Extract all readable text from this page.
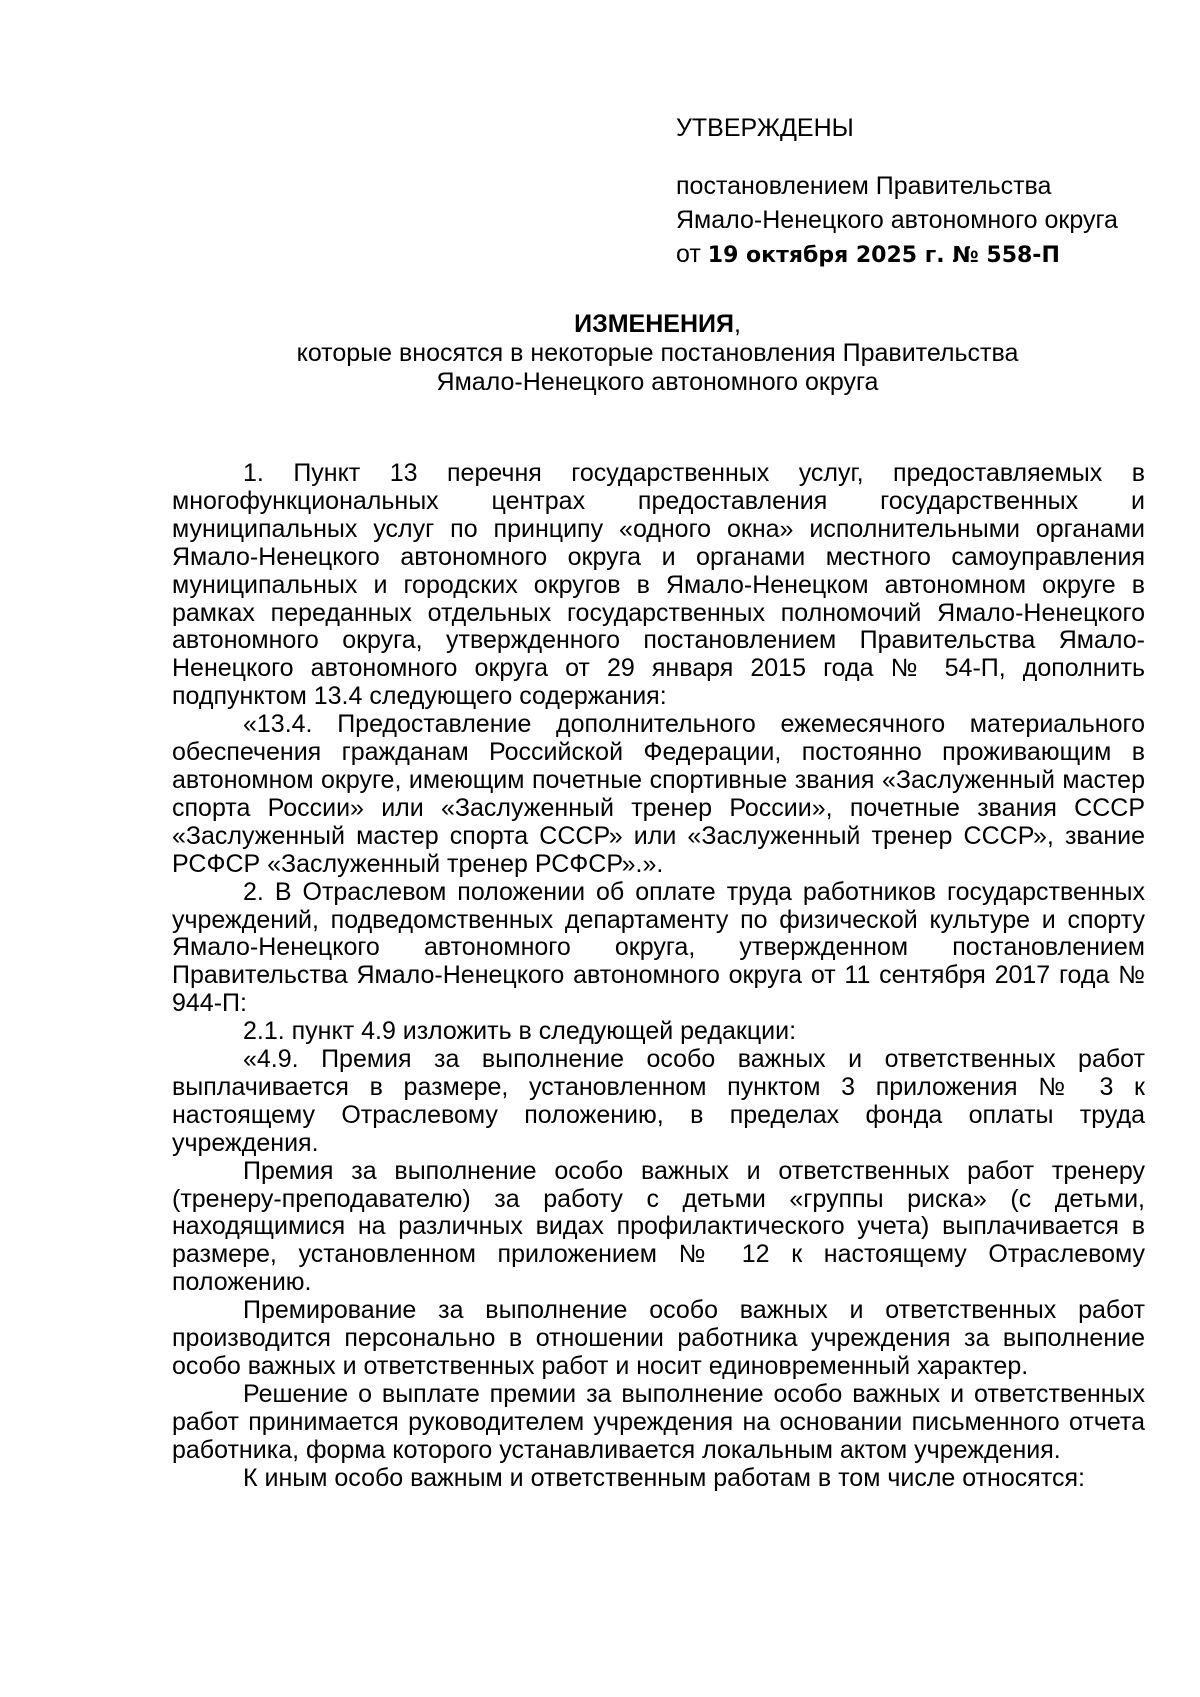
УТВЕРЖДЕНЫ
постановлением Правительства
Ямало-Ненецкого автономного округа
от 19 октября 2025 г. № 558-П
ИЗМЕНЕНИЯ,
которые вносятся в некоторые постановления Правительства
Ямало-Ненецкого автономного округа

1. Пункт 13 перечня государственных услуг, предоставляемых в многофункциональных центрах предоставления государственных и муниципальных услуг по принципу «одного окна» исполнительными органами Ямало-Ненецкого автономного округа и органами местного самоуправления муниципальных и городских округов в Ямало-Ненецком автономном округе в рамках переданных отдельных государственных полномочий Ямало-Ненецкого автономного округа, утвержденного постановлением Правительства Ямало-Ненецкого автономного округа от 29 января 2015 года № 54-П, дополнить подпунктом 13.4 следующего содержания:

«13.4. Предоставление дополнительного ежемесячного материального обеспечения гражданам Российской Федерации, постоянно проживающим в автономном округе, имеющим почетные спортивные звания «Заслуженный мастер спорта России» или «Заслуженный тренер России», почетные звания СССР «Заслуженный мастер спорта СССР» или «Заслуженный тренер СССР», звание РСФСР «Заслуженный тренер РСФСР».».

2. В Отраслевом положении об оплате труда работников государственных учреждений, подведомственных департаменту по физической культуре и спорту Ямало-Ненецкого автономного округа, утвержденном постановлением Правительства Ямало-Ненецкого автономного округа от 11 сентября 2017 года № 944-П:

2.1. пункт 4.9 изложить в следующей редакции:

«4.9. Премия за выполнение особо важных и ответственных работ выплачивается в размере, установленном пунктом 3 приложения № 3 к настоящему Отраслевому положению, в пределах фонда оплаты труда учреждения.

Премия за выполнение особо важных и ответственных работ тренеру (тренеру-преподавателю) за работу с детьми «группы риска» (с детьми, находящимися на различных видах профилактического учета) выплачивается в размере, установленном приложением № 12 к настоящему Отраслевому положению.

Премирование за выполнение особо важных и ответственных работ производится персонально в отношении работника учреждения за выполнение особо важных и ответственных работ и носит единовременный характер.

Решение о выплате премии за выполнение особо важных и ответственных работ принимается руководителем учреждения на основании письменного отчета работника, форма которого устанавливается локальным актом учреждения.

К иным особо важным и ответственным работам в том числе относятся:
